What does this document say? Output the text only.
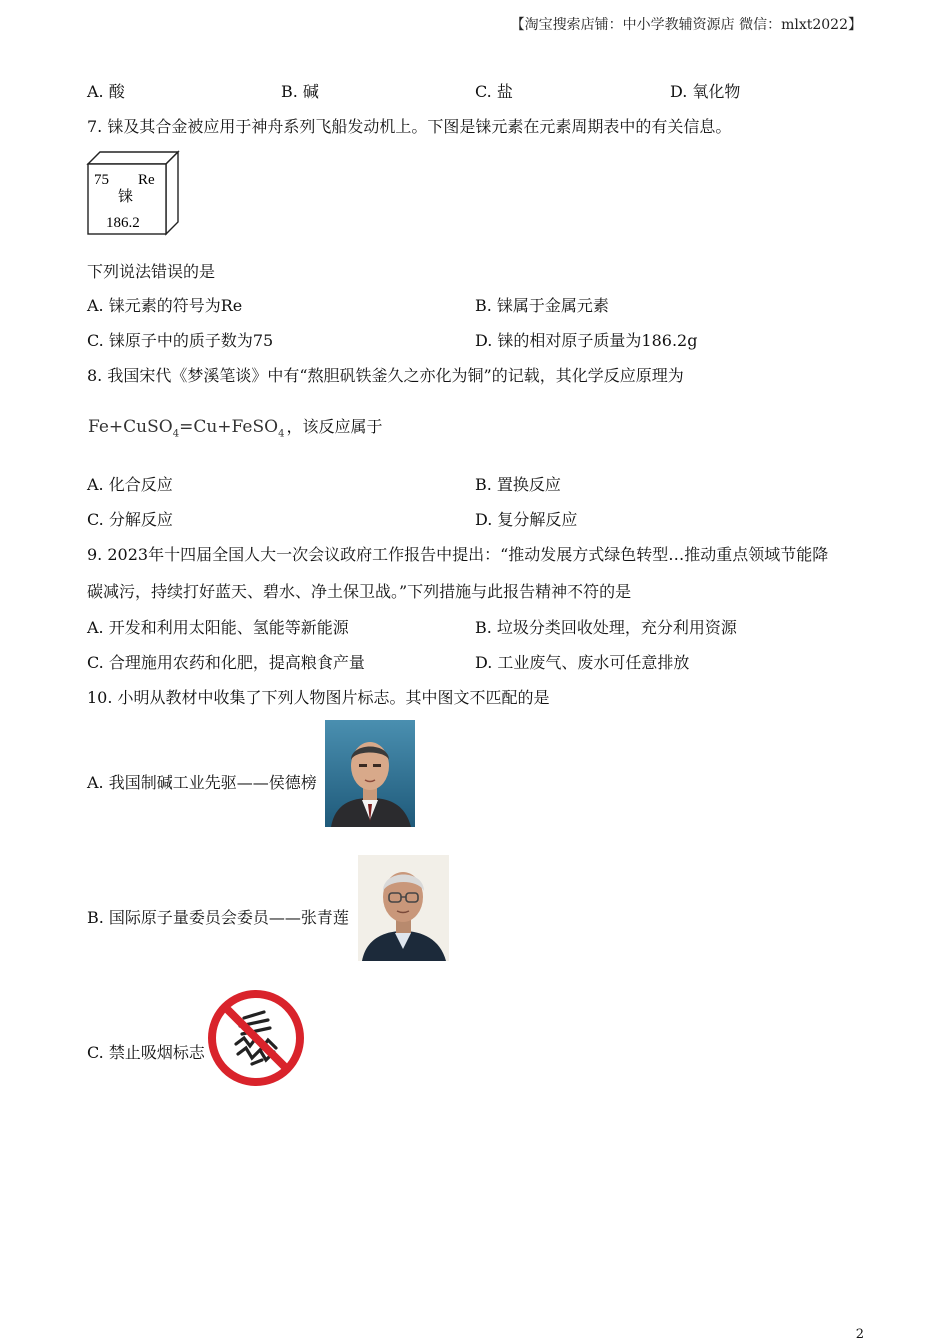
【淘宝搜索店铺：中小学教辅资源店 微信：mlxt2022】
A. 酸	B. 碱	C. 盐	D. 氧化物
7. 铼及其合金被应用于神舟系列飞船发动机上。下图是铼元素在元素周期表中的有关信息。
75 Re
铼
186.2
下列说法错误的是
A. 铼元素的符号为Re	B. 铼属于金属元素
C. 铼原子中的质子数为75	D. 铼的相对原子质量为186.2g
8. 我国宋代《梦溪笔谈》中有“熬胆矾铁釜久之亦化为铜”的记载，其化学反应原理为
Fe+CuSO$_4$=Cu+FeSO$_4$ ，该反应属于
A. 化合反应	B. 置换反应
C. 分解反应	D. 复分解反应
9. 2023年十四届全国人大一次会议政府工作报告中提出：“推动发展方式绿色转型…推动重点领域节能降
碳减污，持续打好蓝天、碧水、净土保卫战。”下列措施与此报告精神不符的是
A. 开发和利用太阳能、氢能等新能源	B. 垃圾分类回收处理，充分利用资源
C. 合理施用农药和化肥，提高粮食产量	D. 工业废气、废水可任意排放
10. 小明从教材中收集了下列人物图片标志。其中图文不匹配的是
A. 我国制碱工业先驱——侯德榜
B. 国际原子量委员会委员——张青莲
C. 禁止吸烟标志
2
